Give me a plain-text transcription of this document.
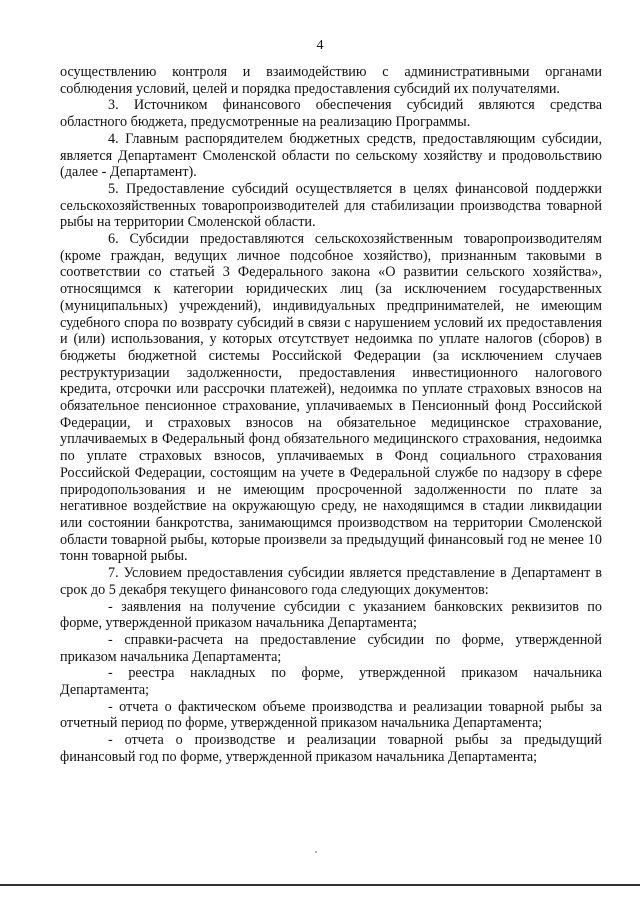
4

осуществлению контроля и взаимодействию с административными органами соблюдения условий, целей и порядка предоставления субсидий их получателями.

3. Источником финансового обеспечения субсидий являются средства областного бюджета, предусмотренные на реализацию Программы.

4. Главным распорядителем бюджетных средств, предоставляющим субсидии, является Департамент Смоленской области по сельскому хозяйству и продовольствию (далее - Департамент).

5. Предоставление субсидий осуществляется в целях финансовой поддержки сельскохозяйственных товаропроизводителей для стабилизации производства товарной рыбы на территории Смоленской области.

6. Субсидии предоставляются сельскохозяйственным товаропроизводителям (кроме граждан, ведущих личное подсобное хозяйство), признанным таковыми в соответствии со статьей 3 Федерального закона «О развитии сельского хозяйства», относящимся к категории юридических лиц (за исключением государственных (муниципальных) учреждений), индивидуальных предпринимателей, не имеющим судебного спора по возврату субсидий в связи с нарушением условий их предоставления и (или) использования, у которых отсутствует недоимка по уплате налогов (сборов) в бюджеты бюджетной системы Российской Федерации (за исключением случаев реструктуризации задолженности, предоставления инвестиционного налогового кредита, отсрочки или рассрочки платежей), недоимка по уплате страховых взносов на обязательное пенсионное страхование, уплачиваемых в Пенсионный фонд Российской Федерации, и страховых взносов на обязательное медицинское страхование, уплачиваемых в Федеральный фонд обязательного медицинского страхования, недоимка по уплате страховых взносов, уплачиваемых в Фонд социального страхования Российской Федерации, состоящим на учете в Федеральной службе по надзору в сфере природопользования и не имеющим просроченной задолженности по плате за негативное воздействие на окружающую среду, не находящимся в стадии ликвидации или состоянии банкротства, занимающимся производством на территории Смоленской области товарной рыбы, которые произвели за предыдущий финансовый год не менее 10 тонн товарной рыбы.

7. Условием предоставления субсидии является представление в Департамент в срок до 5 декабря текущего финансового года следующих документов:

- заявления на получение субсидии с указанием банковских реквизитов по форме, утвержденной приказом начальника Департамента;

- справки-расчета на предоставление субсидии по форме, утвержденной приказом начальника Департамента;

- реестра накладных по форме, утвержденной приказом начальника Департамента;

- отчета о фактическом объеме производства и реализации товарной рыбы за отчетный период по форме, утвержденной приказом начальника Департамента;

- отчета о производстве и реализации товарной рыбы за предыдущий финансовый год по форме, утвержденной приказом начальника Департамента;
